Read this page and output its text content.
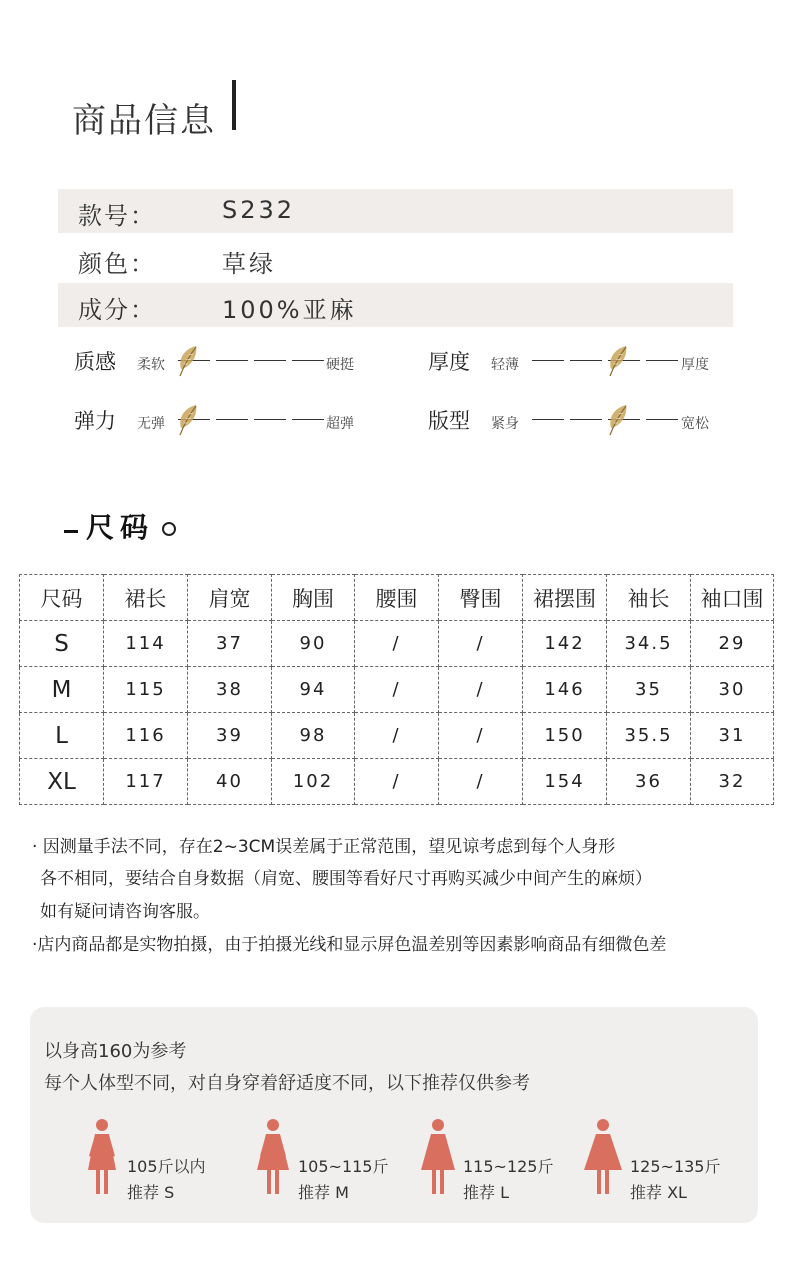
商品信息
款号：	S232
颜色：	草绿
成分：	100%亚麻
质感 柔软	硬挺	厚度 轻薄	厚度
弹力 无弹	超弹	版型 紧身	宽松
尺码
尺码	裙长	肩宽	胸围	腰围	臀围	裙摆围	袖长	袖口围
S	114	37	90	/	/	142	34.5	29
M	115	38	94	/	/	146	35	30
L	116	39	98	/	/	150	35.5	31
XL	117	40	102	/	/	154	36	32
· 因测量手法不同，存在2~3CM误差属于正常范围，望见谅考虑到每个人身形
各不相同，要结合自身数据（肩宽、腰围等看好尺寸再购买减少中间产生的麻烦）
如有疑问请咨询客服。
·店内商品都是实物拍摄，由于拍摄光线和显示屏色温差别等因素影响商品有细微色差
以身高160为参考
每个人体型不同，对自身穿着舒适度不同，以下推荐仅供参考
105斤以内
推荐 S
105~115斤
推荐 M
115~125斤
推荐 L
125~135斤
推荐 XL
